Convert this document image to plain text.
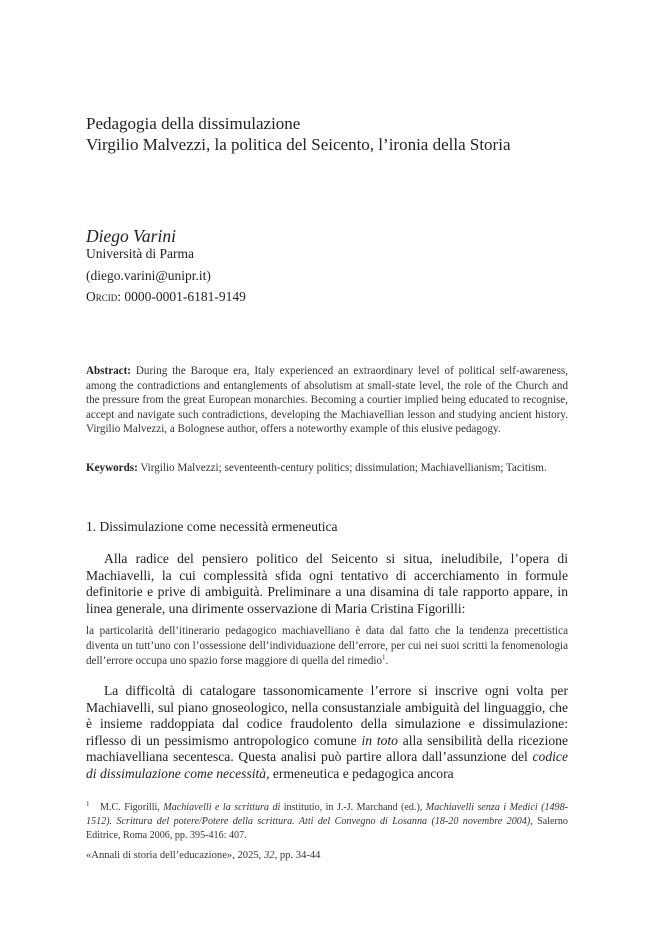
Pedagogia della dissimulazione
Virgilio Malvezzi, la politica del Seicento, l’ironia della Storia
Diego Varini
Università di Parma
(diego.varini@unipr.it)
Orcid: 0000-0001-6181-9149
Abstract: During the Baroque era, Italy experienced an extraordinary level of political self-awareness, among the contradictions and entanglements of absolutism at small-state level, the role of the Church and the pressure from the great European monarchies. Becoming a courtier implied being educated to recognise, accept and navigate such contradictions, developing the Machiavellian lesson and studying ancient history. Virgilio Malvezzi, a Bolognese author, offers a noteworthy example of this elusive pedagogy.
Keywords: Virgilio Malvezzi; seventeenth-century politics; dissimulation; Machiavellianism; Tacitism.
1. Dissimulazione come necessità ermeneutica
Alla radice del pensiero politico del Seicento si situa, ineludibile, l’opera di Machiavelli, la cui complessità sfida ogni tentativo di accerchiamento in formule definitorie e prive di ambiguità. Preliminare a una disamina di tale rapporto appare, in linea generale, una dirimente osservazione di Maria Cristina Figorilli:
la particolarità dell’itinerario pedagogico machiavelliano è data dal fatto che la tendenza precettistica diventa un tutt’uno con l’ossessione dell’individuazione dell’errore, per cui nei suoi scritti la fenomenologia dell’errore occupa uno spazio forse maggiore di quella del rimedio$^1$.
La difficoltà di catalogare tassonomicamente l’errore si inscrive ogni volta per Machiavelli, sul piano gnoseologico, nella consustanziale ambiguità del linguaggio, che è insieme raddoppiata dal codice fraudolento della simulazione e dissimulazione: riflesso di un pessimismo antropologico comune in toto alla sensibilità della ricezione machiavelliana secentesca. Questa analisi può partire allora dall’assunzione del codice di dissimulazione come necessità, ermeneutica e pedagogica ancora
1 M.C. Figorilli, Machiavelli e la scrittura di institutio, in J.-J. Marchand (ed.), Machiavelli senza i Medici (1498-1512). Scrittura del potere/Potere della scrittura. Atti del Convegno di Losanna (18-20 novembre 2004), Salerno Editrice, Roma 2006, pp. 395-416: 407.
«Annali di storia dell’educazione», 2025, 32, pp. 34-44
